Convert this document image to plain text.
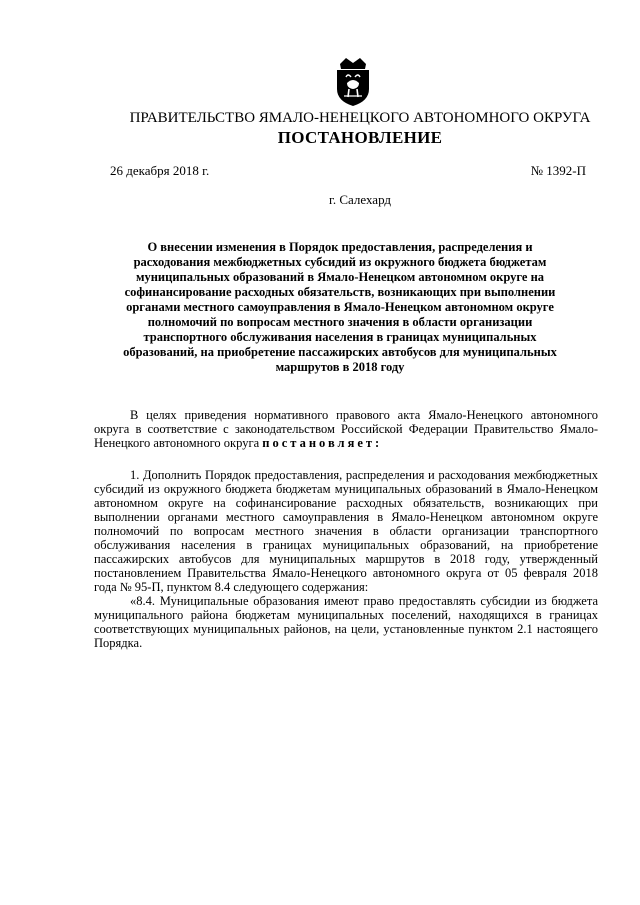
ПРАВИТЕЛЬСТВО ЯМАЛО-НЕНЕЦКОГО АВТОНОМНОГО ОКРУГА
ПОСТАНОВЛЕНИЕ
26 декабря 2018 г.	№ 1392-П
г. Салехард
О внесении изменения в Порядок предоставления, распределения и расходования межбюджетных субсидий из окружного бюджета бюджетам муниципальных образований в Ямало-Ненецком автономном округе на софинансирование расходных обязательств, возникающих при выполнении органами местного самоуправления в Ямало-Ненецком автономном округе полномочий по вопросам местного значения в области организации транспортного обслуживания населения в границах муниципальных образований, на приобретение пассажирских автобусов для муниципальных маршрутов в 2018 году

В целях приведения нормативного правового акта Ямало-Ненецкого автономного округа в соответствие с законодательством Российской Федерации Правительство Ямало-Ненецкого автономного округа постановляет:

1. Дополнить Порядок предоставления, распределения и расходования межбюджетных субсидий из окружного бюджета бюджетам муниципальных образований в Ямало-Ненецком автономном округе на софинансирование расходных обязательств, возникающих при выполнении органами местного самоуправления в Ямало-Ненецком автономном округе полномочий по вопросам местного значения в области организации транспортного обслуживания населения в границах муниципальных образований, на приобретение пассажирских автобусов для муниципальных маршрутов в 2018 году, утвержденный постановлением Правительства Ямало-Ненецкого автономного округа от 05 февраля 2018 года № 95-П, пунктом 8.4 следующего содержания:

«8.4. Муниципальные образования имеют право предоставлять субсидии из бюджета муниципального района бюджетам муниципальных поселений, находящихся в границах соответствующих муниципальных районов, на цели, установленные пунктом 2.1 настоящего Порядка.
